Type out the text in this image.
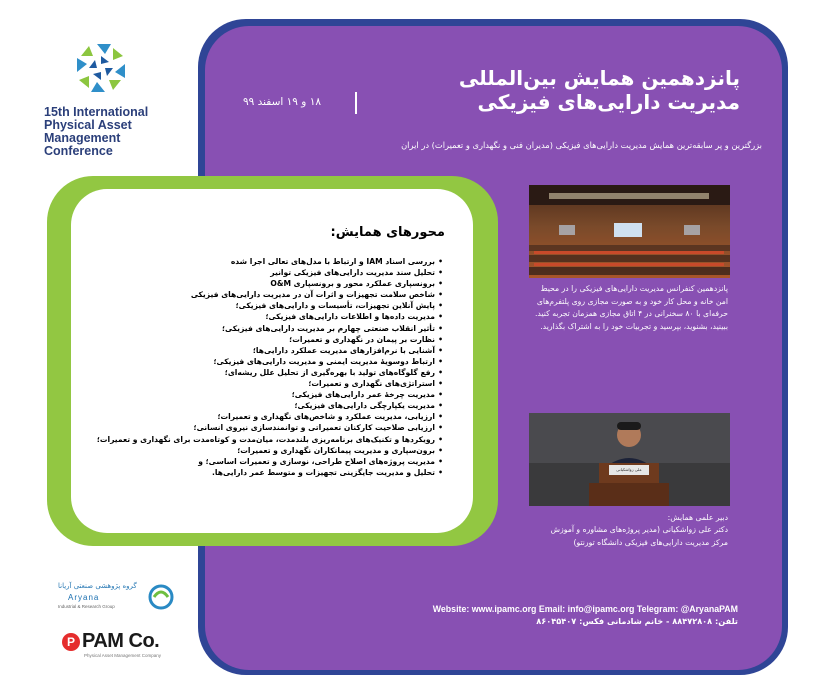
15th International
Physical Asset
Management
Conference
گروه پژوهشی صنعتی آریانا
Aryana
Industrial & Research Group
P PAM Co.
Physical Asset Management Company
پانزدهمین همایش بین‌المللی
مدیریت دارایی‌های فیزیکی
۱۸ و ۱۹ اسفند ۹۹
بزرگترین و پر سابقه‌ترین همایش مدیریت دارایی‌های فیزیکی (مدیران فنی و نگهداری و تعمیرات) در ایران
پانزدهمین کنفرانس مدیریت دارایی‌های فیزیکی را در محیط امن خانه و محل کار خود و به صورت مجازی روی پلتفرم‌های حرفه‌ای با ۸۰ سخنرانی در ۴ اتاق مجازی همزمان تجربه کنید. ببینید، بشنوید، بپرسید و تجربیات خود را به اشتراک بگذارید.
علی زواشکیانی
دبیر علمی همایش:
دکتر علی زواشکیانی (مدیر پروژه‌های مشاوره و آموزش مرکز مدیریت دارایی‌های فیزیکی دانشگاه تورنتو)
محورهای همایش:
• بررسی اسناد IAM و ارتباط با مدل‌های تعالی اجرا شده
• تحلیل سند مدیریت دارایی‌های فیزیکی توانیر
• برونسپاری عملکرد محور و برونسپاری O&M
• شاخص سلامت تجهیزات و اثرات آن در مدیریت دارایی‌های فیزیکی
• پایش آنلاین تجهیزات، تأسیسات و دارایی‌های فیزیکی؛
• مدیریت داده‌ها و اطلاعات دارایی‌های فیزیکی؛
• تأثیر انقلاب صنعتی چهارم بر مدیریت دارایی‌های فیزیکی؛
• نظارت بر پیمان در نگهداری و تعمیرات؛
• آشنایی با نرم‌افزارهای مدیریت عملکرد دارایی‌ها؛
• ارتباط دوسویهٔ مدیریت ایمنی و مدیریت دارایی‌های فیزیکی؛
• رفع گلوگاه‌های تولید با بهره‌گیری از تحلیل علل ریشه‌ای؛
• استراتژی‌های نگهداری و تعمیرات؛
• مدیریت چرخهٔ عمر دارایی‌های فیزیکی؛
• مدیریت یکپارچگی دارایی‌های فیزیکی؛
• ارزیابی، مدیریت عملکرد و شاخص‌های نگهداری و تعمیرات؛
• ارزیابی صلاحیت کارکنان تعمیراتی و توانمندسازی نیروی انسانی؛
• رویکردها و تکنیک‌های برنامه‌ریزی بلندمدت، میان‌مدت و کوتاه‌مدت برای نگهداری و تعمیرات؛
• برون‌سپاری و مدیریت پیمانکاران نگهداری و تعمیرات؛
• مدیریت پروژه‌های اصلاح طراحی، نوسازی و تعمیرات اساسی؛ و
• تحلیل و مدیریت جایگزینی تجهیزات و متوسط عمر دارایی‌ها.
Website: www.ipamc.org Email: info@ipamc.org Telegram: @AryanaPAM
تلفن: ۸۸۴۷۲۸۰۸ - خانم شادمانی فکس: ۸۶۰۴۵۴۰۷
